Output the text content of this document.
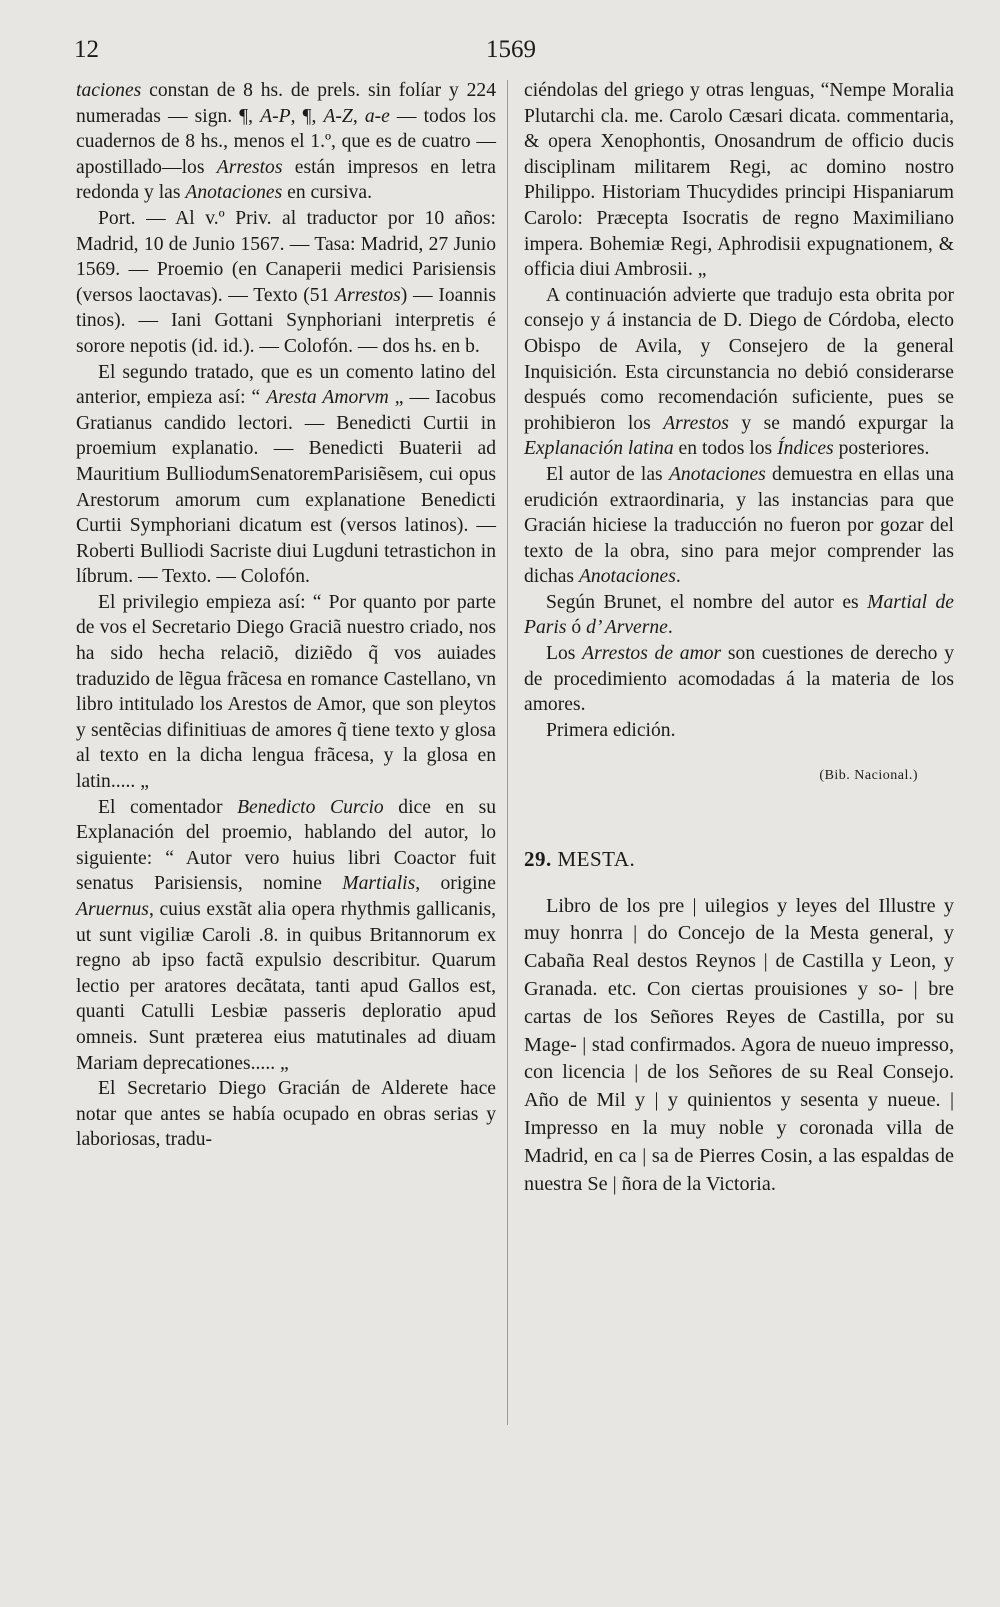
12	1569

taciones constan de 8 hs. de prels. sin folíar y 224 numeradas — sign. ¶, A-P, ¶, A-Z, a-e — todos los cuadernos de 8 hs., menos el 1.º, que es de cuatro — apostillado—los Arrestos están impresos en letra redonda y las Anotaciones en cursiva.

Port. — Al v.º Priv. al traductor por 10 años: Madrid, 10 de Junio 1567. — Tasa: Madrid, 27 Junio 1569. — Proemio (en Canaperii medici Parisiensis (versos laoctavas). — Texto (51 Arrestos) — Ioannis tinos). — Iani Gottani Synphoriani interpretis é sorore nepotis (id. id.). — Colofón. — dos hs. en b.

El segundo tratado, que es un comento latino del anterior, empieza así: “ Aresta Amorvm „ — Iacobus Gratianus candido lectori. — Benedicti Curtii in proemium explanatio. — Benedicti Buaterii ad Mauritium BulliodumSenatoremParisiẽsem, cui opus Arestorum amorum cum explanatione Benedicti Curtii Symphoriani dicatum est (versos latinos). — Roberti Bulliodi Sacriste diui Lugduni tetrastichon in líbrum. — Texto. — Colofón.

El privilegio empieza así: “ Por quanto por parte de vos el Secretario Diego Graciã nuestro criado, nos ha sido hecha relaciõ, diziẽdo q̃ vos auiades traduzido de lẽgua frãcesa en romance Castellano, vn libro intitulado los Arestos de Amor, que son pleytos y sentẽcias difinitiuas de amores q̃ tiene texto y glosa al texto en la dicha lengua frãcesa, y la glosa en latin..... „

El comentador Benedicto Curcio dice en su Explanación del proemio, hablando del autor, lo siguiente: “ Autor vero huius libri Coactor fuit senatus Parisiensis, nomine Martialis, origine Aruernus, cuius exstãt alia opera rhythmis gallicanis, ut sunt vigiliæ Caroli .8. in quibus Britannorum ex regno ab ipso factã expulsio describitur. Quarum lectio per aratores decãtata, tanti apud Gallos est, quanti Catulli Lesbiæ passeris deploratio apud omneis. Sunt præterea eius matutinales ad diuam Mariam deprecationes..... „

El Secretario Diego Gracián de Alderete hace notar que antes se había ocupado en obras serias y laboriosas, tradu-

ciéndolas del griego y otras lenguas, “Nempe Moralia Plutarchi cla. me. Carolo Cæsari dicata. commentaria, & opera Xenophontis, Onosandrum de officio ducis disciplinam militarem Regi, ac domino nostro Philippo. Historiam Thucydides principi Hispaniarum Carolo: Præcepta Isocratis de regno Maximiliano impera. Bohemiæ Regi, Aphrodisii expugnationem, & officia diui Ambrosii. „

A continuación advierte que tradujo esta obrita por consejo y á instancia de D. Diego de Córdoba, electo Obispo de Avila, y Consejero de la general Inquisición. Esta circunstancia no debió considerarse después como recomendación suficiente, pues se prohibieron los Arrestos y se mandó expurgar la Explanación latina en todos los Índices posteriores.

El autor de las Anotaciones demuestra en ellas una erudición extraordinaria, y las instancias para que Gracián hiciese la traducción no fueron por gozar del texto de la obra, sino para mejor comprender las dichas Anotaciones.

Según Brunet, el nombre del autor es Martial de Paris ó d’ Arverne.

Los Arrestos de amor son cuestiones de derecho y de procedimiento acomodadas á la materia de los amores.

Primera edición.

(Bib. Nacional.)
29. MESTA.

Libro de los pre | uilegios y leyes del Illustre y muy honrra | do Concejo de la Mesta general, y Cabaña Real destos Reynos | de Castilla y Leon, y Granada. etc. Con ciertas prouisiones y so- | bre cartas de los Señores Reyes de Castilla, por su Mage- | stad confirmados. Agora de nueuo impresso, con licencia | de los Señores de su Real Consejo. Año de Mil y | y quinientos y sesenta y nueue. | Impresso en la muy noble y coronada villa de Madrid, en ca | sa de Pierres Cosin, a las espaldas de nuestra Se | ñora de la Victoria.
